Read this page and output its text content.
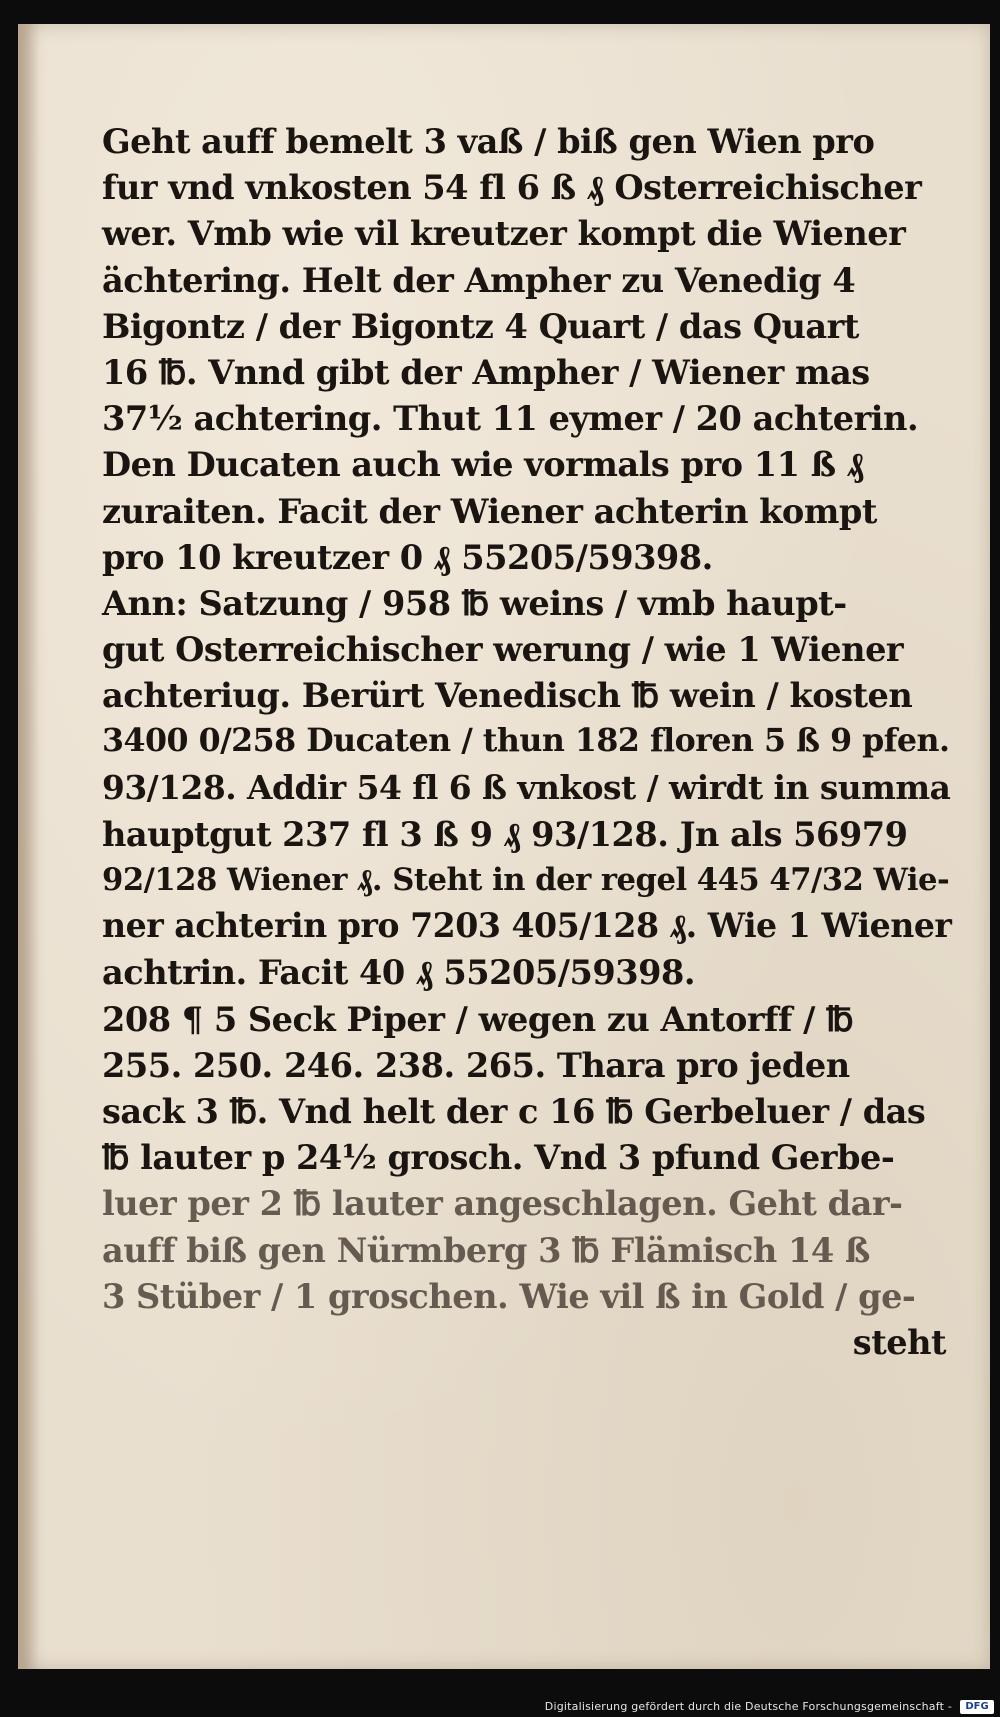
Geht auff bemelt 3 vaß / biß gen Wien pro
fur vnd vnkosten 54 fl 6 ß ₰ Osterreichischer
wer. Vmb wie vil kreutzer kompt die Wiener
ächtering. Helt der Ampher zu Venedig 4
Bigontz / der Bigontz 4 Quart / das Quart
16 ℔. Vnnd gibt der Ampher / Wiener mas
37½ achtering. Thut 11 eymer / 20 achterin.
Den Ducaten auch wie vormals pro 11 ß ₰
zuraiten. Facit der Wiener achterin kompt
pro 10 kreutzer 0 ₰ 55205/59398.
Ann: Satzung / 958 ℔ weins / vmb haupt-
gut Osterreichischer werung / wie 1 Wiener
achteriug. Berürt Venedisch ℔ wein / kosten
3400 0/258 Ducaten / thun 182 floren 5 ß 9 pfen.
93/128. Addir 54 fl 6 ß vnkost / wirdt in summa
hauptgut 237 fl 3 ß 9 ₰ 93/128. Jn als 56979
92/128 Wiener ₰. Steht in der regel 445 47/32 Wie-
ner achterin pro 7203 405/128 ₰. Wie 1 Wiener
achtrin. Facit 40 ₰ 55205/59398.
208 ¶ 5 Seck Piper / wegen zu Antorff / ℔
255. 250. 246. 238. 265. Thara pro jeden
sack 3 ℔. Vnd helt der c 16 ℔ Gerbeluer / das
℔ lauter p 24½ grosch. Vnd 3 pfund Gerbe-
luer per 2 ℔ lauter angeschlagen. Geht dar-
auff biß gen Nürmberg 3 ℔ Flämisch 14 ß
3 Stüber / 1 groschen. Wie vil ß in Gold / ge-
steht
Digitalisierung gefördert durch die Deutsche Forschungsgemeinschaft -	DFG
